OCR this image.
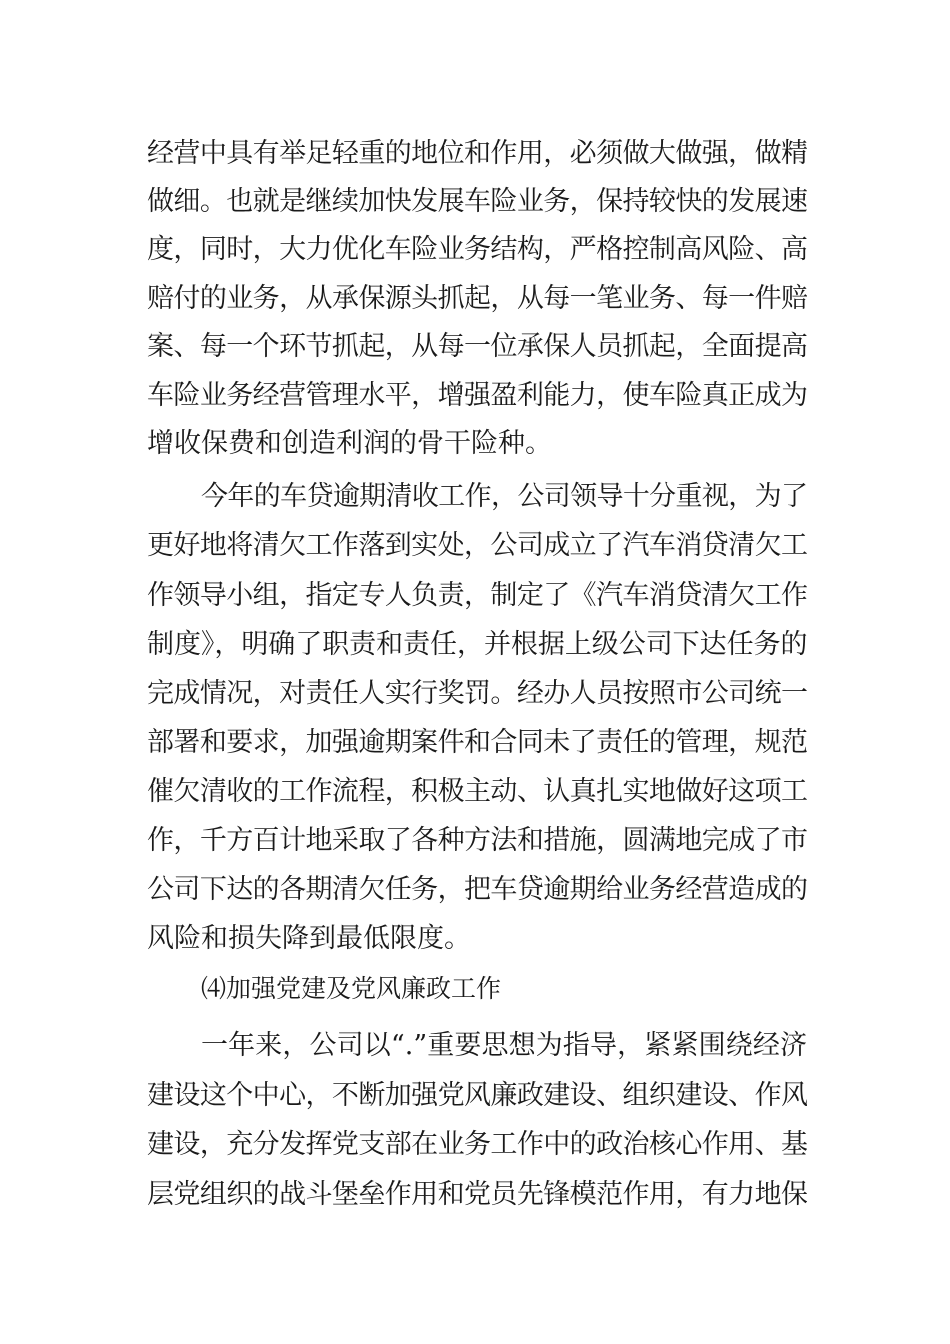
经营中具有举足轻重的地位和作用，必须做大做强，做精
做细。也就是继续加快发展车险业务，保持较快的发展速
度，同时，大力优化车险业务结构，严格控制高风险、高
赔付的业务，从承保源头抓起，从每一笔业务、每一件赔
案、每一个环节抓起，从每一位承保人员抓起，全面提高
车险业务经营管理水平，增强盈利能力，使车险真正成为
增收保费和创造利润的骨干险种。
今年的车贷逾期清收工作，公司领导十分重视，为了
更好地将清欠工作落到实处，公司成立了汽车消贷清欠工
作领导小组，指定专人负责，制定了《汽车消贷清欠工作
制度》，明确了职责和责任，并根据上级公司下达任务的
完成情况，对责任人实行奖罚。经办人员按照市公司统一
部署和要求，加强逾期案件和合同未了责任的管理，规范
催欠清收的工作流程，积极主动、认真扎实地做好这项工
作，千方百计地采取了各种方法和措施，圆满地完成了市
公司下达的各期清欠任务，把车贷逾期给业务经营造成的
风险和损失降到最低限度。
⑷加强党建及党风廉政工作
一年来，公司以“.”重要思想为指导，紧紧围绕经济
建设这个中心，不断加强党风廉政建设、组织建设、作风
建设，充分发挥党支部在业务工作中的政治核心作用、基
层党组织的战斗堡垒作用和党员先锋模范作用，有力地保
